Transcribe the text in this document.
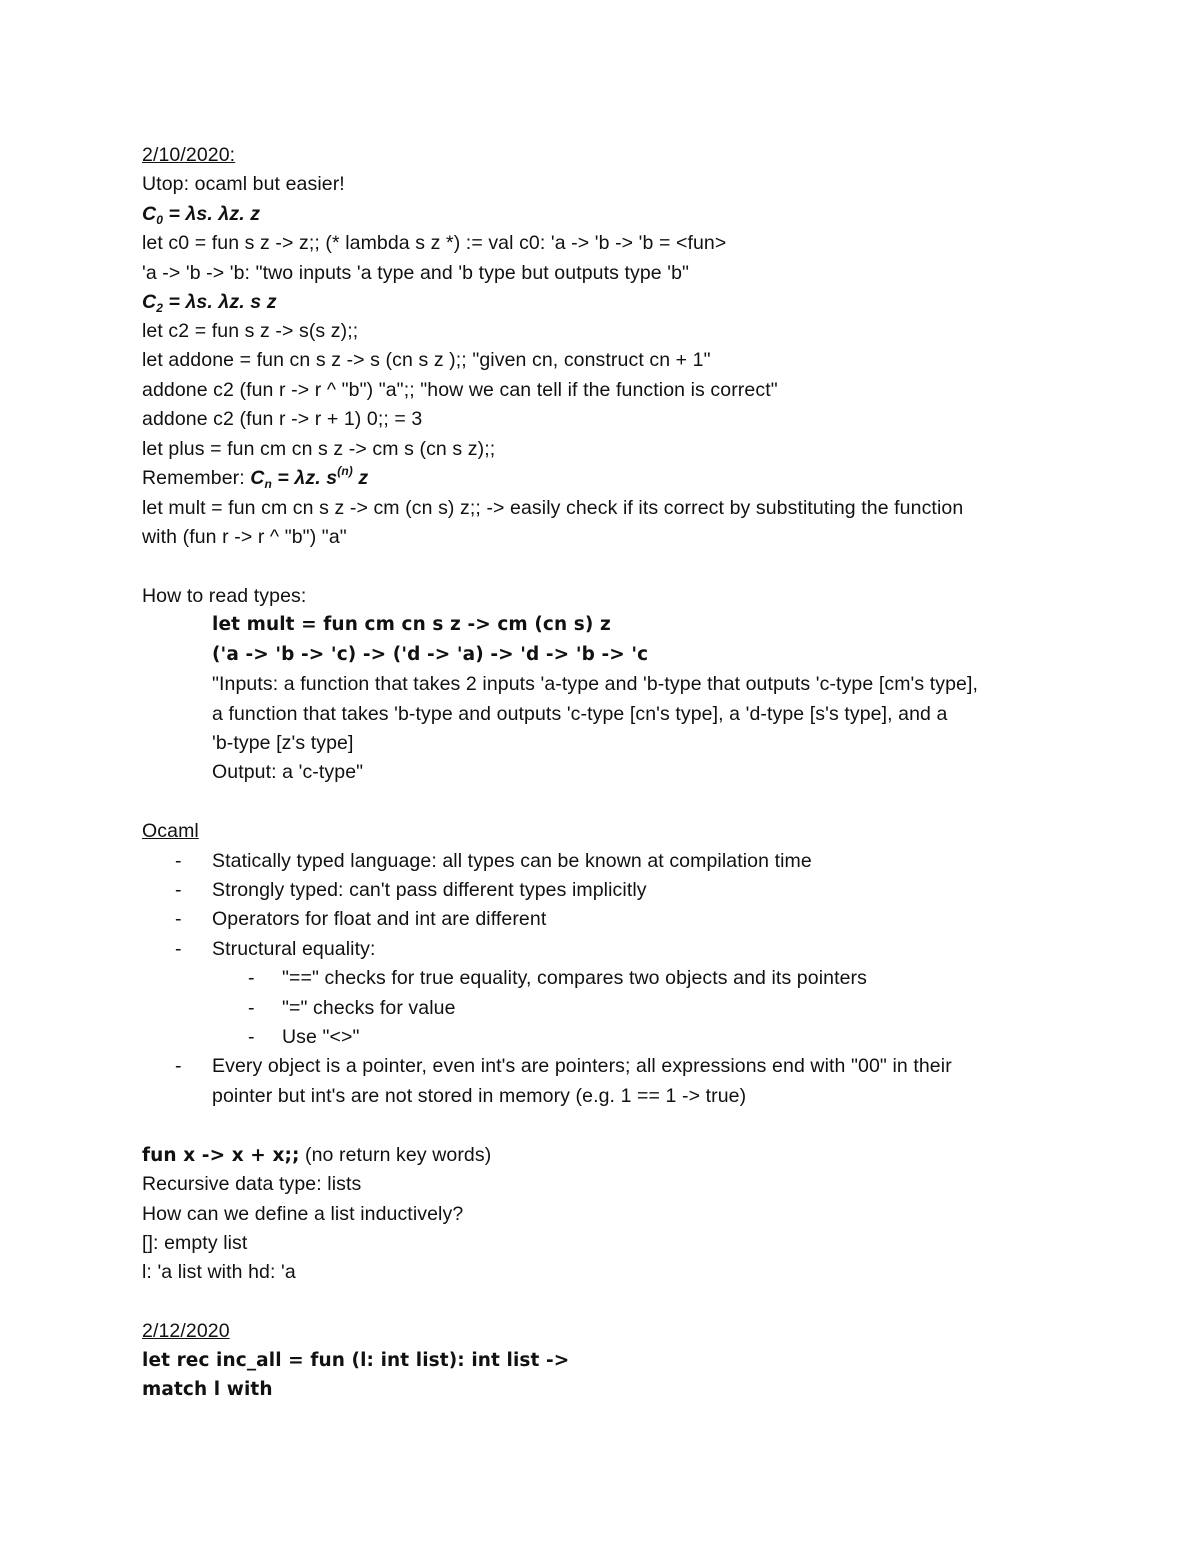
2/10/2020:
Utop: ocaml but easier!
$C_0 = \lambda s$. λz. z
let c0 = fun s z -> z;; (* lambda s z *) := val c0: 'a -> 'b -> 'b = <fun>
'a -> 'b -> 'b: "two inputs 'a type and 'b type but outputs type 'b"
$C_2 = \lambda s$. λz. s z
let c2 = fun s z -> s(s z);;
let addone = fun cn s z -> s (cn s z );; "given cn, construct cn + 1"
addone c2 (fun r -> r ^ "b") "a";; "how we can tell if the function is correct"
addone c2 (fun r -> r + 1) 0;; = 3
let plus = fun cm cn s z -> cm s (cn s z);;
Remember: $C_n = \lambda z$. $s^{(n)}$ z
let mult = fun cm cn s z -> cm (cn s) z;; -> easily check if its correct by substituting the function
with (fun r -> r ^ "b") "a"
How to read types:
let mult = fun cm cn s z -> cm (cn s) z
('a -> 'b -> 'c) -> ('d -> 'a) -> 'd -> 'b -> 'c
"Inputs: a function that takes 2 inputs 'a-type and 'b-type that outputs 'c-type [cm's type],
a function that takes 'b-type and outputs 'c-type [cn's type], a 'd-type [s's type], and a
'b-type [z's type]
Output: a 'c-type"
Ocaml
- Statically typed language: all types can be known at compilation time
- Strongly typed: can't pass different types implicitly
- Operators for float and int are different
- Structural equality:
- "==" checks for true equality, compares two objects and its pointers
- "=" checks for value
- Use "<>"
- Every object is a pointer, even int's are pointers; all expressions end with "00" in their
pointer but int's are not stored in memory (e.g. 1 == 1 -> true)
fun x -> x + x;; (no return key words)
Recursive data type: lists
How can we define a list inductively?
[]: empty list
l: 'a list with hd: 'a
2/12/2020
let rec inc_all = fun (l: int list): int list ->
match l with
